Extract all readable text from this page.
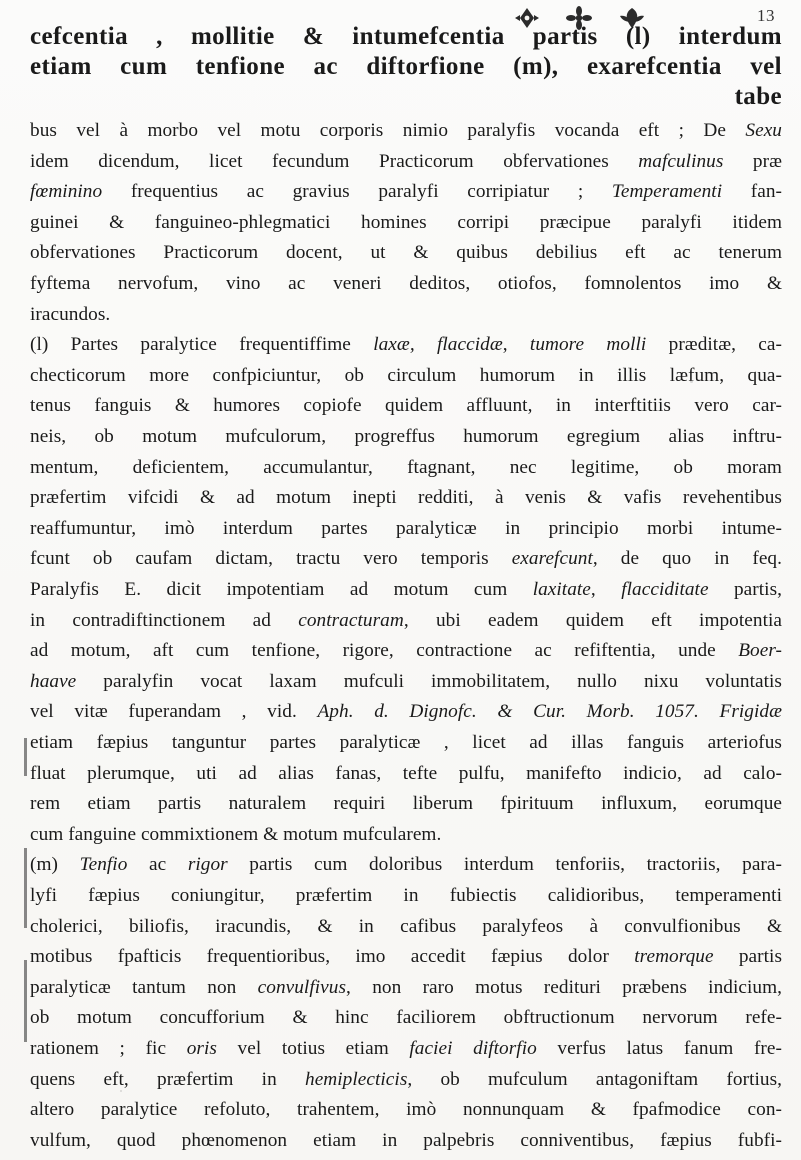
13
cefcentia , mollitie & intumefcentia partis (l) interdum
etiam cum tenfione ac diftorfione (m), exarefcentia vel
tabe
bus vel à morbo vel motu corporis nimio paralyfis vocanda eft ; De Sexu
idem dicendum, licet fecundum Practicorum obfervationes mafculinus præ
fœminino frequentius ac gravius paralyfi corripiatur ; Temperamenti fan-
guinei & fanguineo-phlegmatici homines corripi præcipue paralyfi itidem
obfervationes Practicorum docent, ut & quibus debilius eft ac tenerum
fyftema nervofum, vino ac veneri deditos, otiofos, fomnolentos imo &
iracundos.
(l) Partes paralytice frequentiffime laxæ, flaccidæ, tumore molli præditæ, ca-
checticorum more confpiciuntur, ob circulum humorum in illis læfum, qua-
tenus fanguis & humores copiofe quidem affluunt, in interftitiis vero car-
neis, ob motum mufculorum, progreffus humorum egregium alias inftru-
mentum, deficientem, accumulantur, ftagnant, nec legitime, ob moram
præfertim vifcidi & ad motum inepti redditi, à venis & vafis revehentibus
reaffumuntur, imò interdum partes paralyticæ in principio morbi intume-
fcunt ob caufam dictam, tractu vero temporis exarefcunt, de quo in feq.
Paralyfis E. dicit impotentiam ad motum cum laxitate, flacciditate partis,
in contradiftinctionem ad contracturam, ubi eadem quidem eft impotentia
ad motum, aft cum tenfione, rigore, contractione ac refiftentia, unde Boer-
haave paralyfin vocat laxam mufculi immobilitatem, nullo nixu voluntatis
vel vitæ fuperandam , vid. Aph. d. Dignofc. & Cur. Morb. 1057. Frigidæ
etiam fæpius tanguntur partes paralyticæ , licet ad illas fanguis arteriofus
fluat plerumque, uti ad alias fanas, tefte pulfu, manifefto indicio, ad calo-
rem etiam partis naturalem requiri liberum fpirituum influxum, eorumque
cum fanguine commixtionem & motum mufcularem.
(m) Tenfio ac rigor partis cum doloribus interdum tenforiis, tractoriis, para-
lyfi fæpius coniungitur, præfertim in fubiectis calidioribus, temperamenti
cholerici, biliofis, iracundis, & in cafibus paralyfeos à convulfionibus &
motibus fpafticis frequentioribus, imo accedit fæpius dolor tremorque partis
paralyticæ tantum non convulfivus, non raro motus redituri præbens indicium,
ob motum concufforium & hinc faciliorem obftructionum nervorum refe-
rationem ; fic oris vel totius etiam faciei diftorfio verfus latus fanum fre-
quens eft, præfertim in hemiplecticis, ob mufculum antagoniftam fortius,
altero paralytice refoluto, trahentem, imò nonnunquam & fpafmodice con-
vulfum, quod phœnomenon etiam in palpebris conniventibus, fæpius fubfi-
